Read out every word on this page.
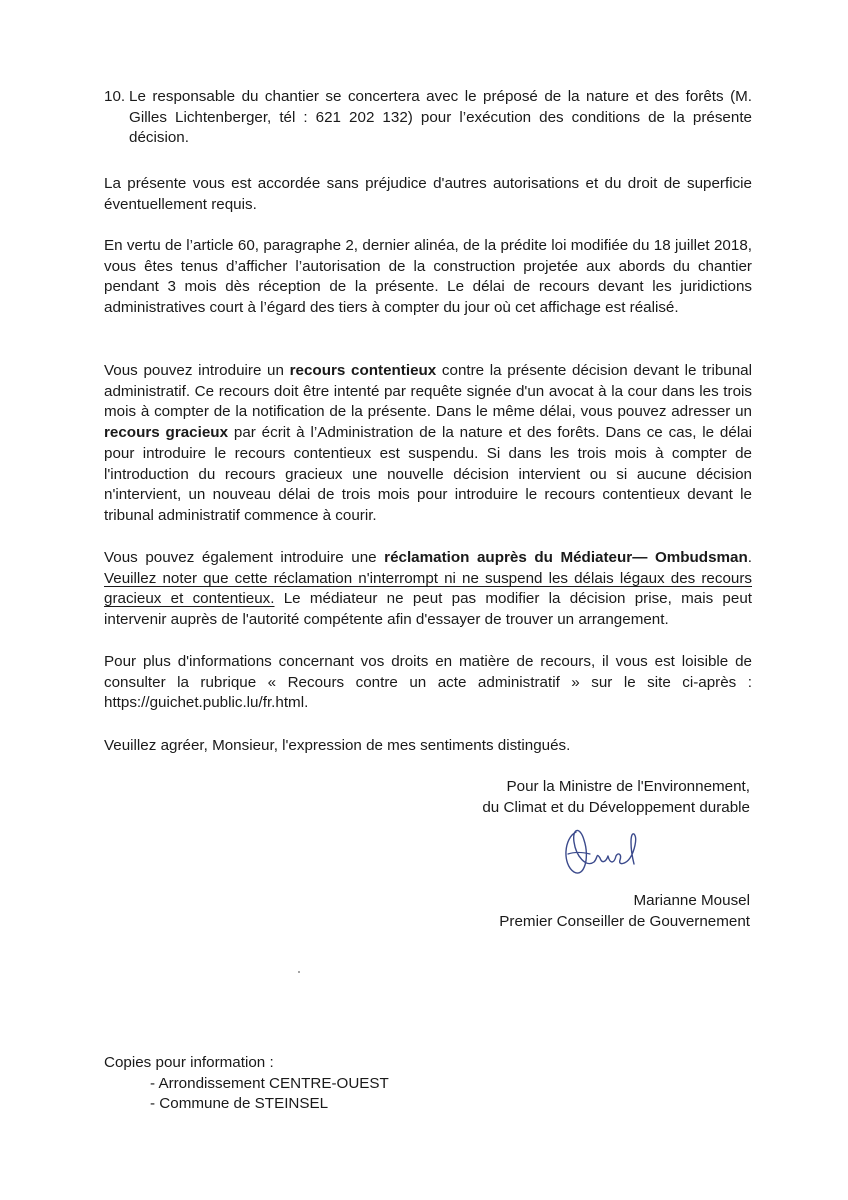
10. Le responsable du chantier se concertera avec le préposé de la nature et des forêts (M. Gilles Lichtenberger, tél : 621 202 132) pour l’exécution des conditions de la présente décision.

La présente vous est accordée sans préjudice d'autres autorisations et du droit de superficie éventuellement requis.

En vertu de l’article 60, paragraphe 2, dernier alinéa, de la prédite loi modifiée du 18 juillet 2018, vous êtes tenus d’afficher l’autorisation de la construction projetée aux abords du chantier pendant 3 mois dès réception de la présente. Le délai de recours devant les juridictions administratives court à l’égard des tiers à compter du jour où cet affichage est réalisé.

Vous pouvez introduire un recours contentieux contre la présente décision devant le tribunal administratif. Ce recours doit être intenté par requête signée d'un avocat à la cour dans les trois mois à compter de la notification de la présente. Dans le même délai, vous pouvez adresser un recours gracieux par écrit à l’Administration de la nature et des forêts. Dans ce cas, le délai pour introduire le recours contentieux est suspendu. Si dans les trois mois à compter de l'introduction du recours gracieux une nouvelle décision intervient ou si aucune décision n'intervient, un nouveau délai de trois mois pour introduire le recours contentieux devant le tribunal administratif commence à courir.

Vous pouvez également introduire une réclamation auprès du Médiateur— Ombudsman. Veuillez noter que cette réclamation n'interrompt ni ne suspend les délais légaux des recours gracieux et contentieux. Le médiateur ne peut pas modifier la décision prise, mais peut intervenir auprès de l'autorité compétente afin d'essayer de trouver un arrangement.

Pour plus d'informations concernant vos droits en matière de recours, il vous est loisible de consulter la rubrique « Recours contre un acte administratif » sur le site ci-après : https://guichet.public.lu/fr.html.

Veuillez agréer, Monsieur, l'expression de mes sentiments distingués.

Pour la Ministre de l'Environnement,

du Climat et du Développement durable

Marianne Mousel

Premier Conseiller de Gouvernement

Copies pour information :
- Arrondissement CENTRE-OUEST
- Commune de STEINSEL
